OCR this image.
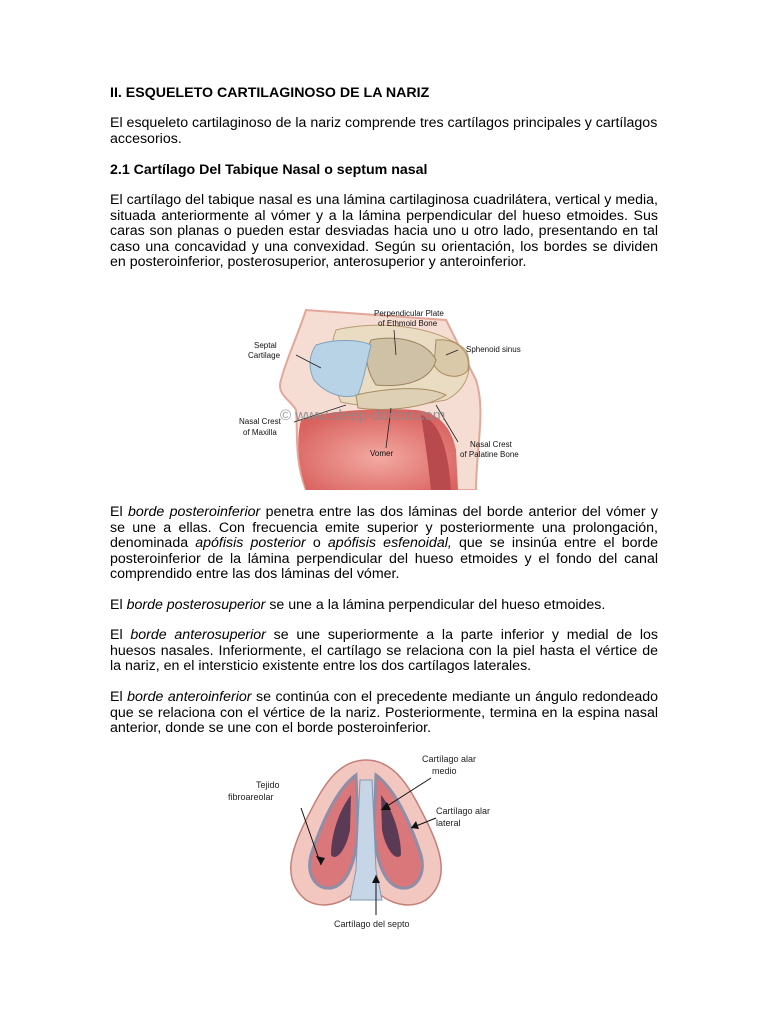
II. ESQUELETO CARTILAGINOSO DE LA NARIZ
El esqueleto cartilaginoso de la nariz comprende tres cartílagos principales y cartílagos accesorios.
2.1 Cartílago Del Tabique Nasal o septum nasal
El cartílago del tabique nasal es una lámina cartilaginosa cuadrilátera, vertical y media, situada anteriormente al vómer y a la lámina perpendicular del hueso etmoides. Sus caras son planas o pueden estar desviadas hacia uno u otro lado, presentando en tal caso una concavidad y una convexidad. Según su orientación, los bordes se dividen en posteroinferior, posterosuperior, anterosuperior y anteroinferior.
El borde posteroinferior penetra entre las dos láminas del borde anterior del vómer y se une a ellas. Con frecuencia emite superior y posteriormente una prolongación, denominada apófisis posterior o apófisis esfenoidal, que se insinúa entre el borde posteroinferior de la lámina perpendicular del hueso etmoides y el fondo del canal comprendido entre las dos láminas del vómer.
El borde posterosuperior se une a la lámina perpendicular del hueso etmoides.
El borde anterosuperior se une superiormente a la parte inferior y medial de los huesos nasales. Inferiormente, el cartílago se relaciona con la piel hasta el vértice de la nariz, en el intersticio existente entre los dos cartílagos laterales.
El borde anteroinferior se continúa con el precedente mediante un ángulo redondeado que se relaciona con el vértice de la nariz. Posteriormente, termina en la espina nasal anterior, donde se une con el borde posteroinferior.
Perpendicular Plate
of Ethmoid Bone
Septal
Cartilage
Sphenoid sinus
Nasal Crest
of Maxilla
Vomer
Nasal Crest
of Palatine Bone
© www.sleep-doctor.com
Tejido
fibroareolar
Cartílago alar
medio
Cartílago alar
lateral
Cartílago del septo
